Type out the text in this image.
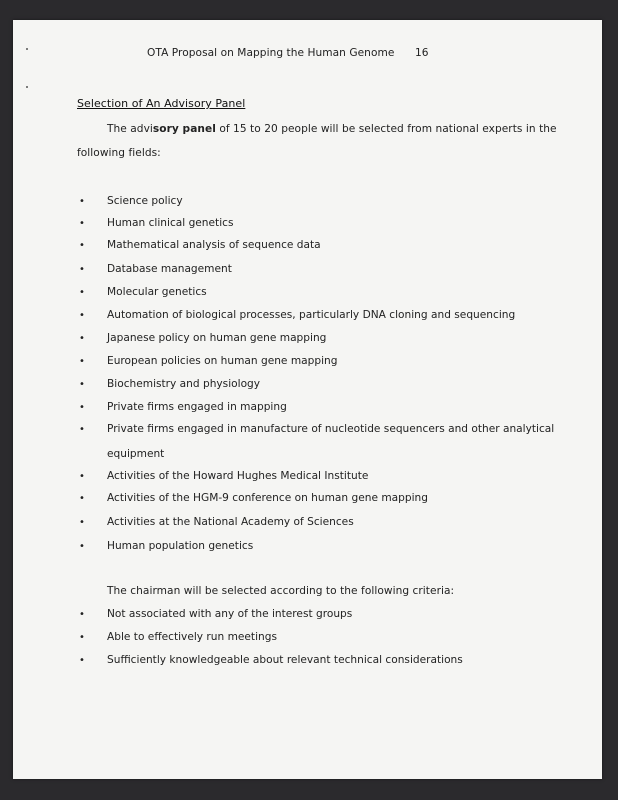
OTA Proposal on Mapping the Human Genome 16
Selection of An Advisory Panel
The advisory panel of 15 to 20 people will be selected from national experts in the
following fields:
• Science policy
• Human clinical genetics
• Mathematical analysis of sequence data
• Database management
• Molecular genetics
• Automation of biological processes, particularly DNA cloning and sequencing
• Japanese policy on human gene mapping
• European policies on human gene mapping
• Biochemistry and physiology
• Private firms engaged in mapping
• Private firms engaged in manufacture of nucleotide sequencers and other analytical
• Activities of the Howard Hughes Medical Institute
• Activities of the HGM-9 conference on human gene mapping
• Activities at the National Academy of Sciences
• Human population genetics
equipment
The chairman will be selected according to the following criteria:
• Not associated with any of the interest groups
• Able to effectively run meetings
• Sufficiently knowledgeable about relevant technical considerations
